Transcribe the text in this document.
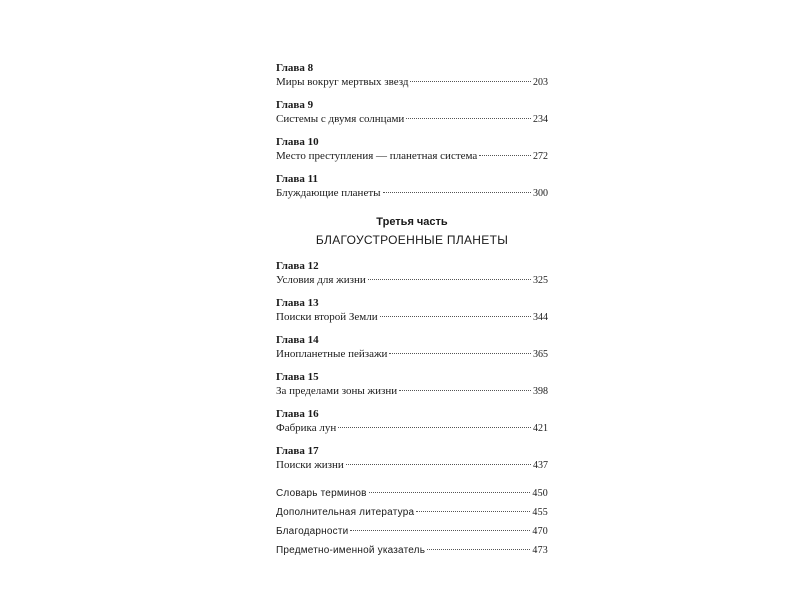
Глава 8
Миры вокруг мертвых звезд	203
Глава 9
Системы с двумя солнцами	234
Глава 10
Место преступления — планетная система	272
Глава 11
Блуждающие планеты	300
Третья часть
БЛАГОУСТРОЕННЫЕ ПЛАНЕТЫ
Глава 12
Условия для жизни	325
Глава 13
Поиски второй Земли	344
Глава 14
Инопланетные пейзажи	365
Глава 15
За пределами зоны жизни	398
Глава 16
Фабрика лун	421
Глава 17
Поиски жизни	437
Словарь терминов	450
Дополнительная литература	455
Благодарности	470
Предметно-именной указатель	473
